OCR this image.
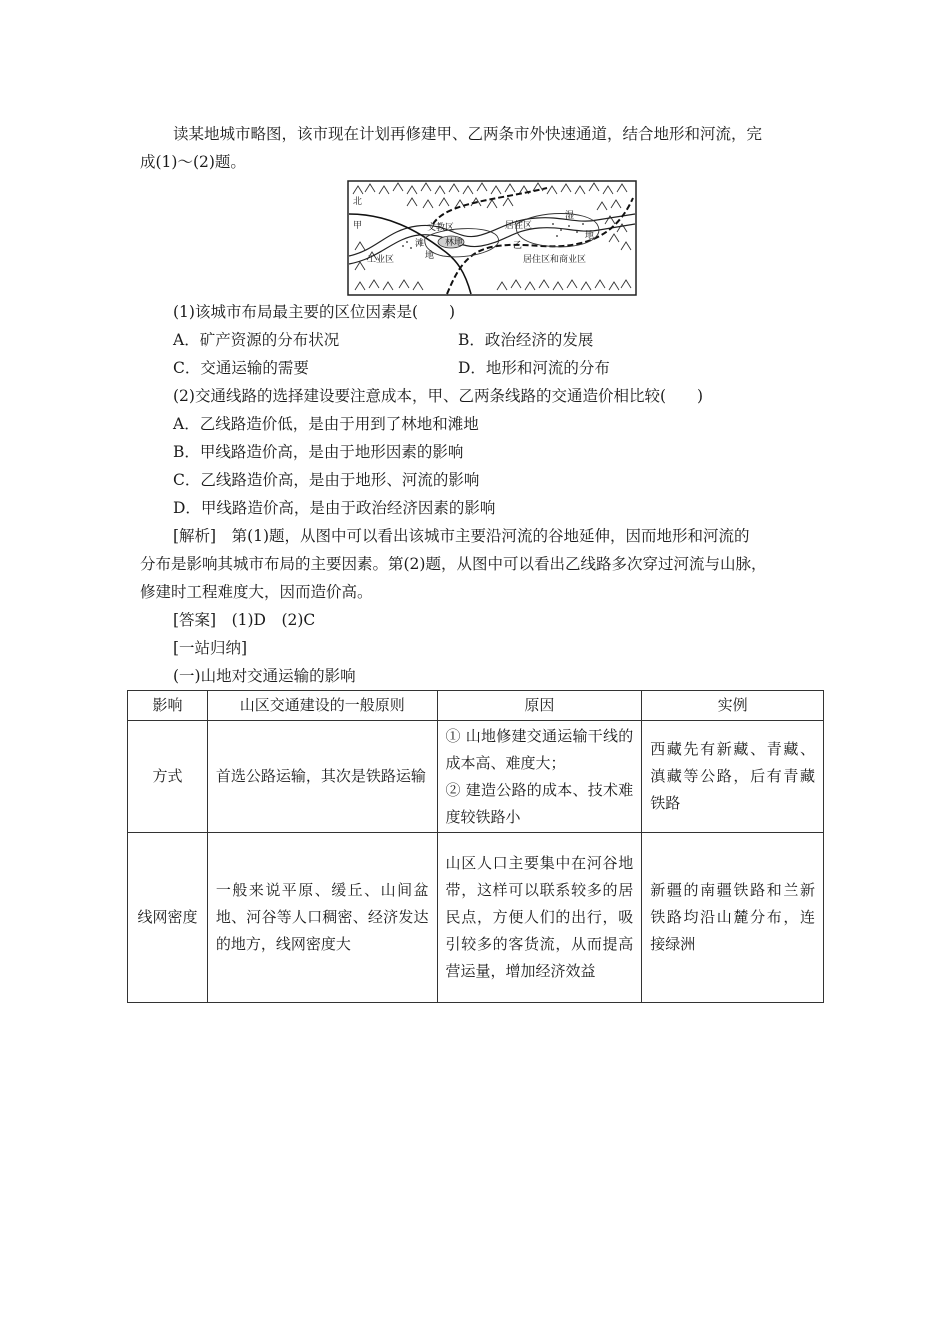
读某地城市略图，该市现在计划再修建甲、乙两条市外快速通道，结合地形和河流，完
成(1)～(2)题。
北
甲	文教区
林地
居住区
湿
地
滩
地
工业区
乙
居住区和商业区
(1)该城市布局最主要的区位因素是(　　)
A．矿产资源的分布状况	B．政治经济的发展
C．交通运输的需要	D．地形和河流的分布
(2)交通线路的选择建设要注意成本，甲、乙两条线路的交通造价相比较(　　)
A．乙线路造价低，是由于用到了林地和滩地
B．甲线路造价高，是由于地形因素的影响
C．乙线路造价高，是由于地形、河流的影响
D．甲线路造价高，是由于政治经济因素的影响
[解析]　第(1)题，从图中可以看出该城市主要沿河流的谷地延伸，因而地形和河流的
分布是影响其城市布局的主要因素。第(2)题，从图中可以看出乙线路多次穿过河流与山脉，
修建时工程难度大，因而造价高。
[答案]　(1)D　(2)C
[一站归纳]
(一)山地对交通运输的影响
影响	山区交通建设的一般原则	原因	实例
方式	首选公路运输，其次是铁路运输	① 山地修建交通运输干线的成本高、难度大；
② 建造公路的成本、技术难度较铁路小	西藏先有新藏、青藏、滇藏等公路，后有青藏铁路
线网密度	一般来说平原、缓丘、山间盆地、河谷等人口稠密、经济发达的地方，线网密度大	山区人口主要集中在河谷地带，这样可以联系较多的居民点，方便人们的出行，吸引较多的客货流，从而提高营运量，增加经济效益	新疆的南疆铁路和兰新铁路均沿山麓分布，连接绿洲
